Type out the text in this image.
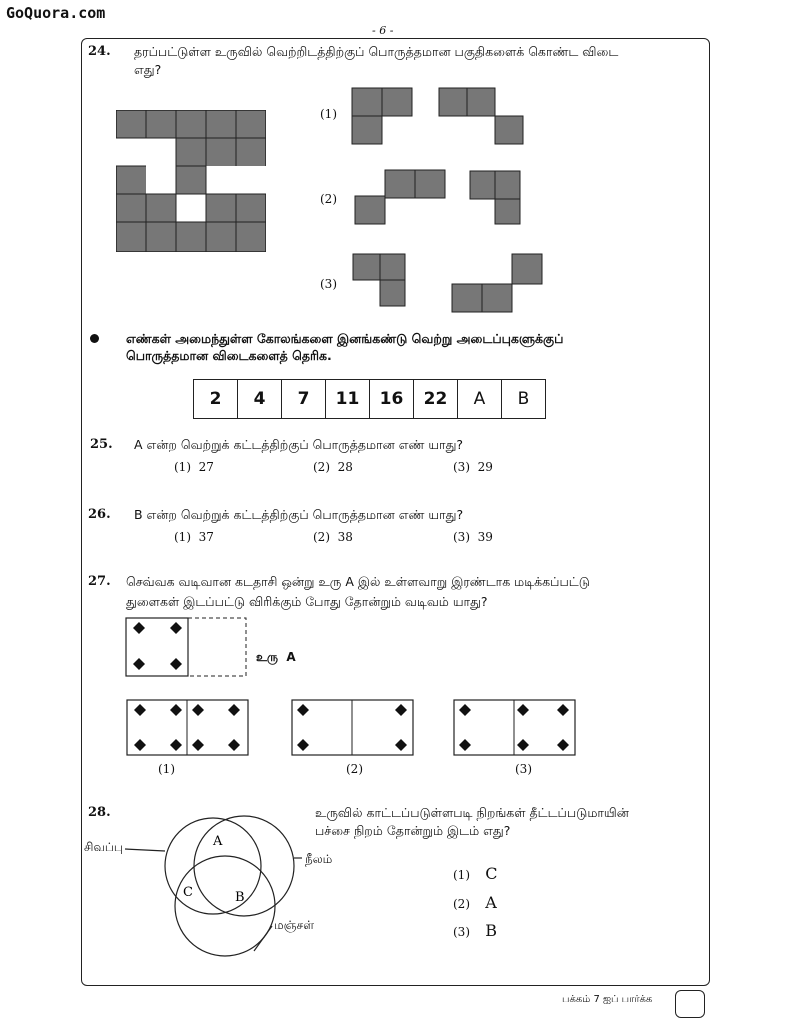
GoQuora.com
- 6 -
24. தரப்பட்டுள்ள உருவில் வெற்றிடத்திற்குப் பொருத்தமான பகுதிகளைக் கொண்ட விடை
எது?
(1)
(2)
(3)
எண்கள் அமைந்துள்ள கோலங்களை இனங்கண்டு வெற்று அடைப்புகளுக்குப்
பொருத்தமான விடைகளைத் தெரிக.
2	4	7	11	16	22	A	B
25. A என்ற வெற்றுக் கட்டத்திற்குப் பொருத்தமான எண் யாது?
(1) 27	(2) 28	(3) 29
26. B என்ற வெற்றுக் கட்டத்திற்குப் பொருத்தமான எண் யாது?
(1) 37	(2) 38	(3) 39
27. செவ்வக வடிவான கடதாசி ஒன்று உரு A இல் உள்ளவாறு இரண்டாக மடிக்கப்பட்டு
துளைகள் இடப்பட்டு விரிக்கும் போது தோன்றும் வடிவம் யாது?
உரு A
(1)	(2)	(3)
28.	உருவில் காட்டப்படுள்ளபடி நிறங்கள் தீட்டப்படுமாயின்
பச்சை நிறம் தோன்றும் இடம் எது?
A
C	B
சிவப்பு
நீலம்
மஞ்சள்
(1) C
(2) A
(3) B
பக்கம் 7 ஐப் பார்க்க
